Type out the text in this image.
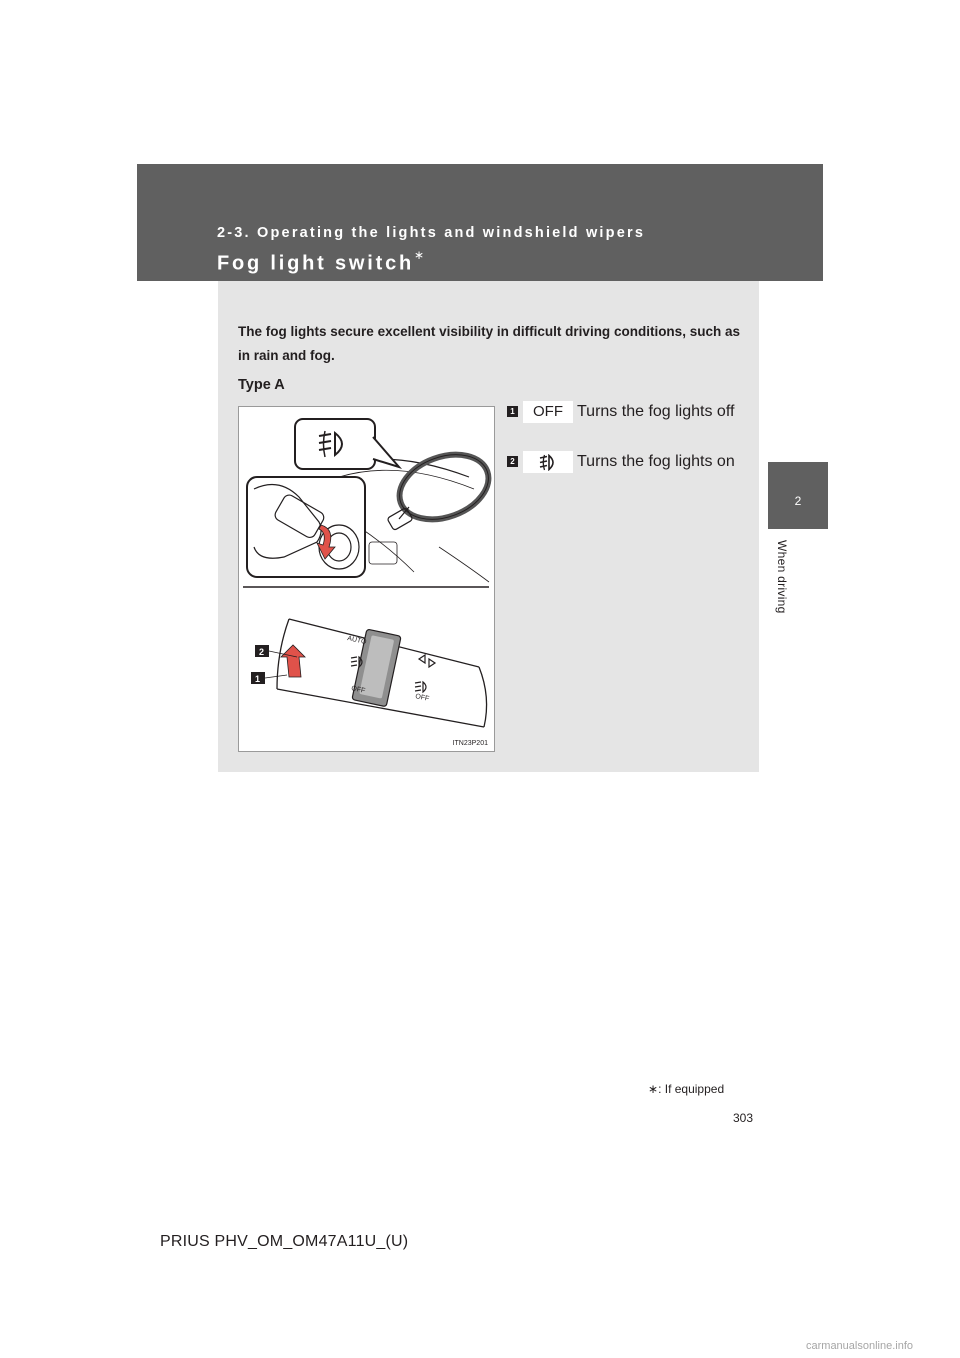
2-3. Operating the lights and windshield wipers
Fog light switch∗
2
When driving

The fog lights secure excellent visibility in difficult driving conditions, such as in rain and fog.

Type A

AUTO
OFF
OFF
2
1
ITN23P201
1	OFF Turns the fog lights off

2	Turns the fog lights on

∗: If equipped
303
PRIUS PHV_OM_OM47A11U_(U)
carmanualsonline.info
